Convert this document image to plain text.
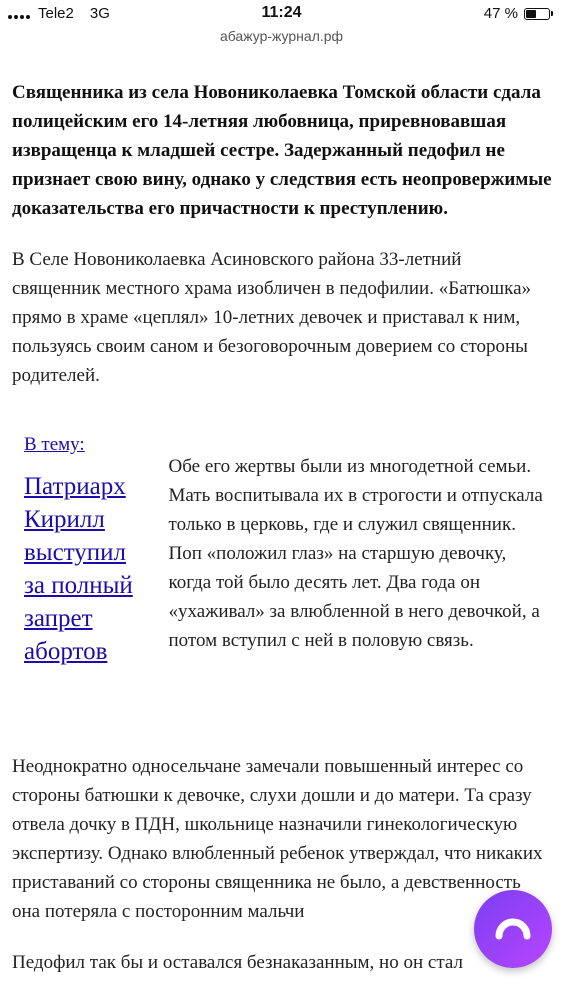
Tele2 3G	11:24	47 %
абажур-журнал.рф

Священника из села Новониколаевка Томской области сдала полицейским его 14-летняя любовница, приревновавшая извращенца к младшей сестре. Задержанный педофил не признает свою вину, однако у следствия есть неопровержимые доказательства его причастности к преступлению.

В Селе Новониколаевка Асиновского района 33-летний священник местного храма изобличен в педофилии. «Батюшка» прямо в храме «цеплял» 10-летних девочек и приставал к ним, пользуясь своим саном и безоговорочным доверием со стороны родителей.

В тему:
Патриарх Кирилл выступил за полный запрет абортов

Обе его жертвы были из многодетной семьи. Мать воспитывала их в строгости и отпускала только в церковь, где и служил священник. Поп «положил глаз» на старшую девочку, когда той было десять лет. Два года он «ухаживал» за влюбленной в него девочкой, а потом вступил с ней в половую связь.

Неоднократно односельчане замечали повышенный интерес со стороны батюшки к девочке, слухи дошли и до матери. Та сразу отвела дочку в ПДН, школьнице назначили гинекологическую экспертизу. Однако влюбленный ребенок утверждал, что никаких приставаний со стороны священника не было, а девственность она потеряла с посторонним мальчи

Педофил так бы и оставался безнаказанным, но он стал
